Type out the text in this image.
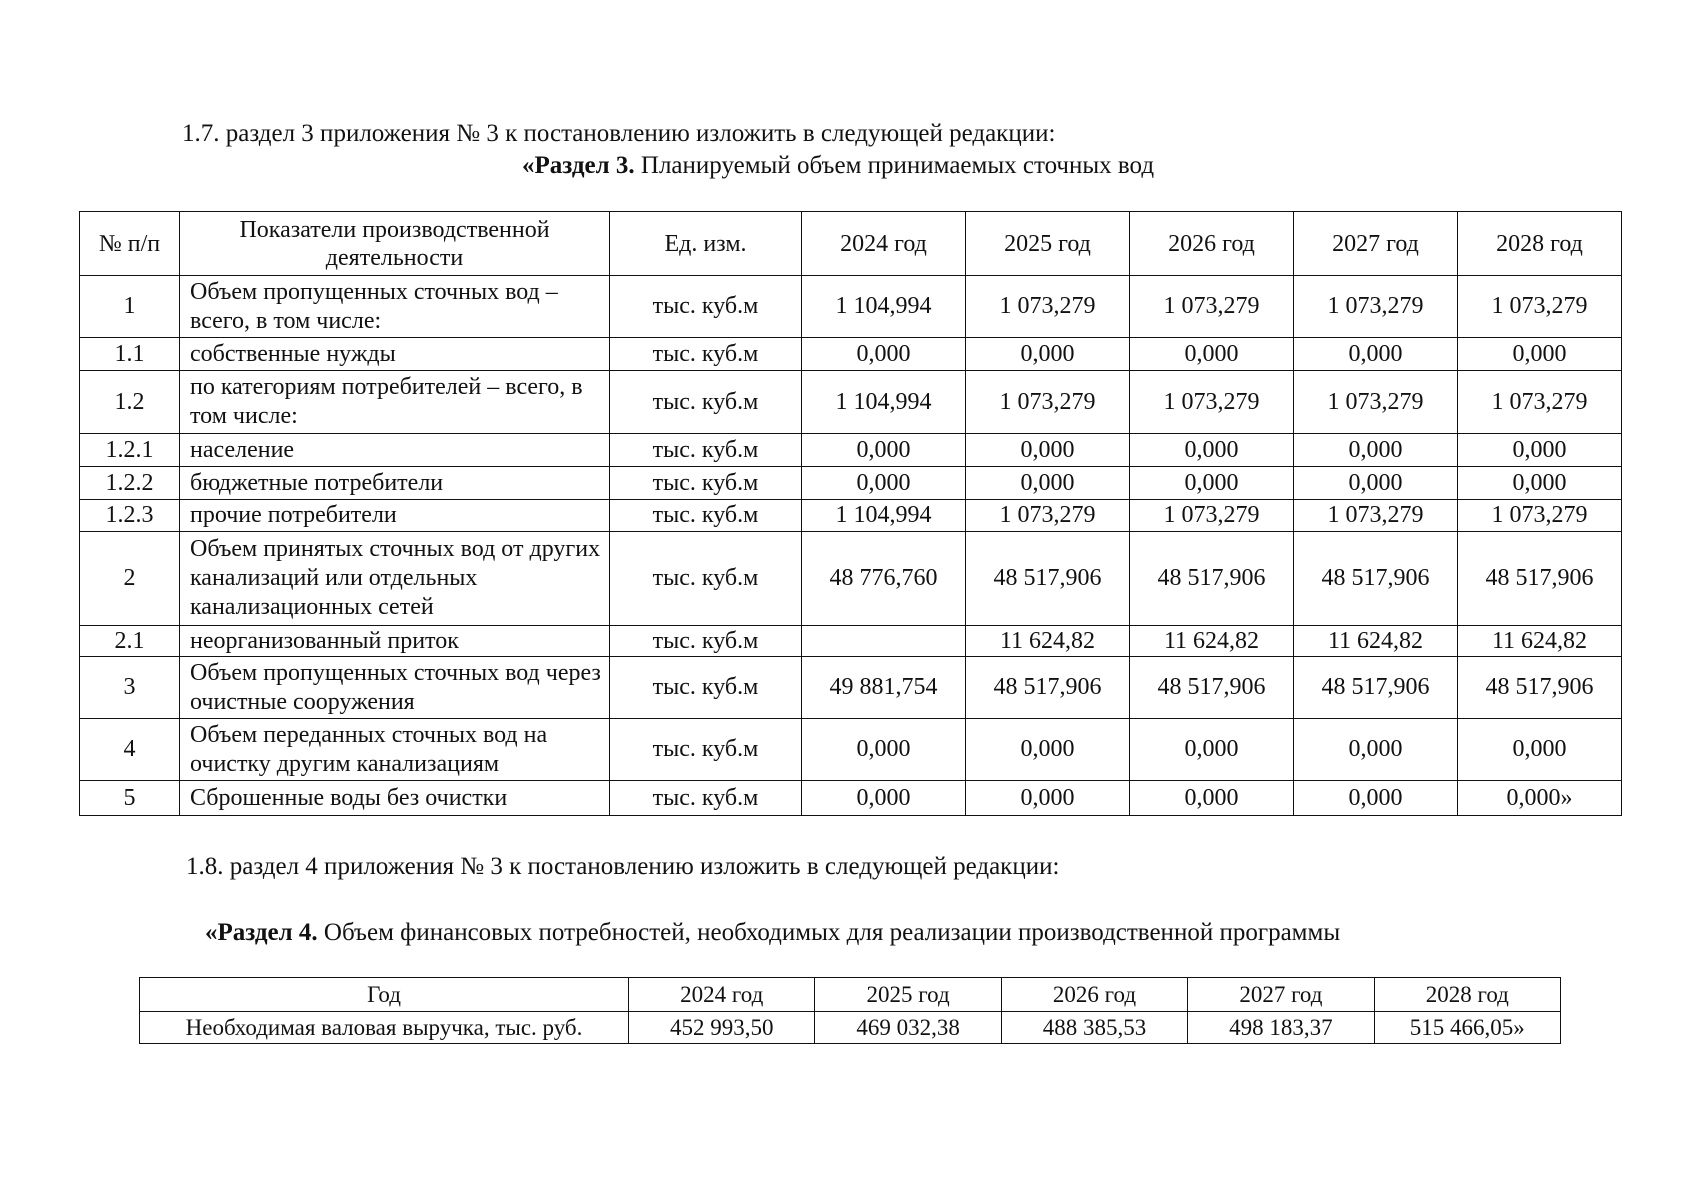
1.7. раздел 3 приложения № 3 к постановлению изложить в следующей редакции:
«Раздел 3. Планируемый объем принимаемых сточных вод
№ п/п	Показатели производственной деятельности	Ед. изм.	2024 год	2025 год	2026 год	2027 год	2028 год
1	Объем пропущенных сточных вод – всего, в том числе:	тыс. куб.м	1 104,994	1 073,279	1 073,279	1 073,279	1 073,279
1.1	собственные нужды	тыс. куб.м	0,000	0,000	0,000	0,000	0,000
1.2	по категориям потребителей – всего, в том числе:	тыс. куб.м	1 104,994	1 073,279	1 073,279	1 073,279	1 073,279
1.2.1	население	тыс. куб.м	0,000	0,000	0,000	0,000	0,000
1.2.2	бюджетные потребители	тыс. куб.м	0,000	0,000	0,000	0,000	0,000
1.2.3	прочие потребители	тыс. куб.м	1 104,994	1 073,279	1 073,279	1 073,279	1 073,279
2	Объем принятых сточных вод от других канализаций или отдельных канализационных сетей	тыс. куб.м	48 776,760	48 517,906	48 517,906	48 517,906	48 517,906
2.1	неорганизованный приток	тыс. куб.м		11 624,82	11 624,82	11 624,82	11 624,82
3	Объем пропущенных сточных вод через очистные сооружения	тыс. куб.м	49 881,754	48 517,906	48 517,906	48 517,906	48 517,906
4	Объем переданных сточных вод на очистку другим канализациям	тыс. куб.м	0,000	0,000	0,000	0,000	0,000
5	Сброшенные воды без очистки	тыс. куб.м	0,000	0,000	0,000	0,000	0,000»
1.8. раздел 4 приложения № 3 к постановлению изложить в следующей редакции:
«Раздел 4. Объем финансовых потребностей, необходимых для реализации производственной программы
Год	2024 год	2025 год	2026 год	2027 год	2028 год
Необходимая валовая выручка, тыс. руб.	452 993,50	469 032,38	488 385,53	498 183,37	515 466,05»
